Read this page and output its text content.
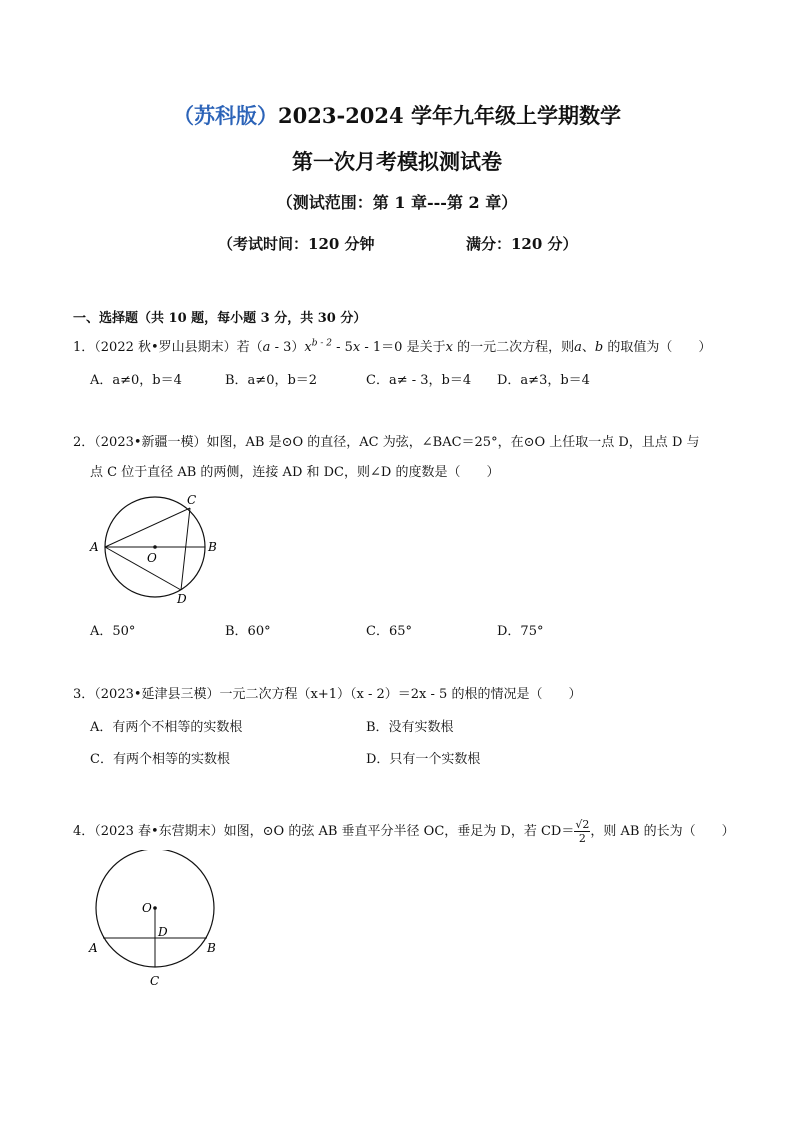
（苏科版）2023-2024 学年九年级上学期数学
第一次月考模拟测试卷
（测试范围：第 1 章---第 2 章）
（考试时间：120 分钟	满分：120 分）
一、选择题（共 10 题，每小题 3 分，共 30 分）
1．（2022 秋•罗山县期末）若$(a - 3)x^{b - 2} - 5x - 1=0$ 是关于x 的一元二次方程，则a、b 的取值为（　　）
A．a≠0，b＝4	B．a≠0，b＝2	C．a≠ - 3，b＝4 D．a≠3，b＝4
2．（2023•新疆一模）如图，AB 是⊙O 的直径，AC 为弦，∠BAC＝25°，在⊙O 上任取一点 D，且点 D 与
点 C 位于直径 AB 的两侧，连接 AD 和 DC，则∠D 的度数是（　　）
A	B
C
D
O
A．50°	B．60°	C．65°	D．75°
3．（2023•延津县三模）一元二次方程（x+1）（x - 2）＝2x - 5 的根的情况是（　　）
A．有两个不相等的实数根	B．没有实数根
C．有两个相等的实数根	D．只有一个实数根
4．（2023 春•东营期末）如图，⊙O 的弦 AB 垂直平分半径 OC，垂足为 D，若 $CD= \frac{√2}{2}$ ，则 AB 的长为（　　）
O
D
A	B
C
